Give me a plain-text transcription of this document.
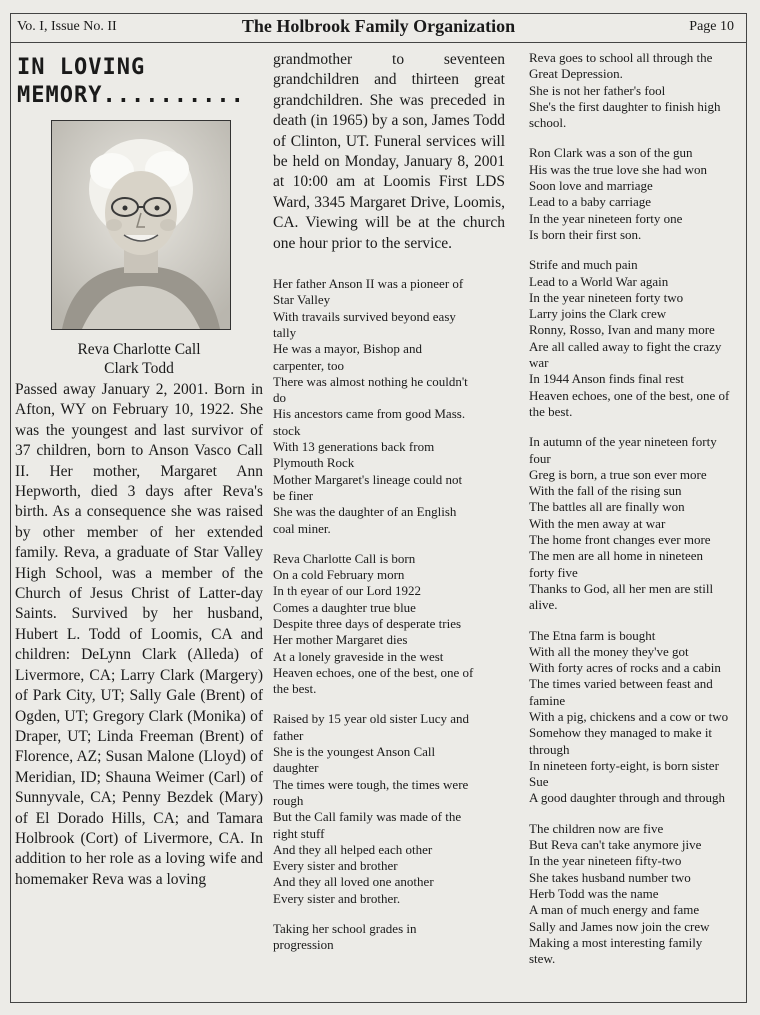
Vo. I, Issue No. II	The Holbrook Family Organization	Page 10
IN LOVING
MEMORY..........
Reva Charlotte Call
Clark Todd

Passed away January 2, 2001. Born in Afton, WY on February 10, 1922. She was the youngest and last survivor of 37 children, born to Anson Vasco Call II. Her mother, Margaret Ann Hepworth, died 3 days after Reva's birth. As a consequence she was raised by other member of her extended family. Reva, a graduate of Star Valley High School, was a member of the Church of Jesus Christ of Latter-day Saints. Survived by her husband, Hubert L. Todd of Loomis, CA and children: DeLynn Clark (Alleda) of Livermore, CA; Larry Clark (Margery) of Park City, UT; Sally Gale (Brent) of Ogden, UT; Gregory Clark (Monika) of Draper, UT; Linda Freeman (Brent) of Florence, AZ; Susan Malone (Lloyd) of Meridian, ID; Shauna Weimer (Carl) of Sunnyvale, CA; Penny Bezdek (Mary) of El Dorado Hills, CA; and Tamara Holbrook (Cort) of Livermore, CA. In addition to her role as a loving wife and homemaker Reva was a loving

grandmother to seventeen grandchildren and thirteen great grandchildren. She was preceded in death (in 1965) by a son, James Todd of Clinton, UT. Funeral services will be held on Monday, January 8, 2001 at 10:00 am at Loomis First LDS Ward, 3345 Margaret Drive, Loomis, CA. Viewing will be at the church one hour prior to the service.

Her father Anson II was a pioneer of
Star Valley
With travails survived beyond easy
tally
He was a mayor, Bishop and
carpenter, too
There was almost nothing he couldn't
do
His ancestors came from good Mass.
stock
With 13 generations back from
Plymouth Rock
Mother Margaret's lineage could not
be finer
She was the daughter of an English
coal miner.
Reva Charlotte Call is born
On a cold February morn
In th eyear of our Lord 1922
Comes a daughter true blue
Despite three days of desperate tries
Her mother Margaret dies
At a lonely graveside in the west
Heaven echoes, one of the best, one of
the best.
Raised by 15 year old sister Lucy and
father
She is the youngest Anson Call
daughter
The times were tough, the times were
rough
But the Call family was made of the
right stuff
And they all helped each other
Every sister and brother
And they all loved one another
Every sister and brother.
Taking her school grades in
progression
Reva goes to school all through the
Great Depression.
She is not her father's fool
She's the first daughter to finish high
school.
Ron Clark was a son of the gun
His was the true love she had won
Soon love and marriage
Lead to a baby carriage
In the year nineteen forty one
Is born their first son.
Strife and much pain
Lead to a World War again
In the year nineteen forty two
Larry joins the Clark crew
Ronny, Rosso, Ivan and many more
Are all called away to fight the crazy
war
In 1944 Anson finds final rest
Heaven echoes, one of the best, one of
the best.
In autumn of the year nineteen forty
four
Greg is born, a true son ever more
With the fall of the rising sun
The battles all are finally won
With the men away at war
The home front changes ever more
The men are all home in nineteen
forty five
Thanks to God, all her men are still
alive.
The Etna farm is bought
With all the money they've got
With forty acres of rocks and a cabin
The times varied between feast and
famine
With a pig, chickens and a cow or two
Somehow they managed to make it
through
In nineteen forty-eight, is born sister
Sue
A good daughter through and through
The children now are five
But Reva can't take anymore jive
In the year nineteen fifty-two
She takes husband number two
Herb Todd was the name
A man of much energy and fame
Sally and James now join the crew
Making a most interesting family
stew.
